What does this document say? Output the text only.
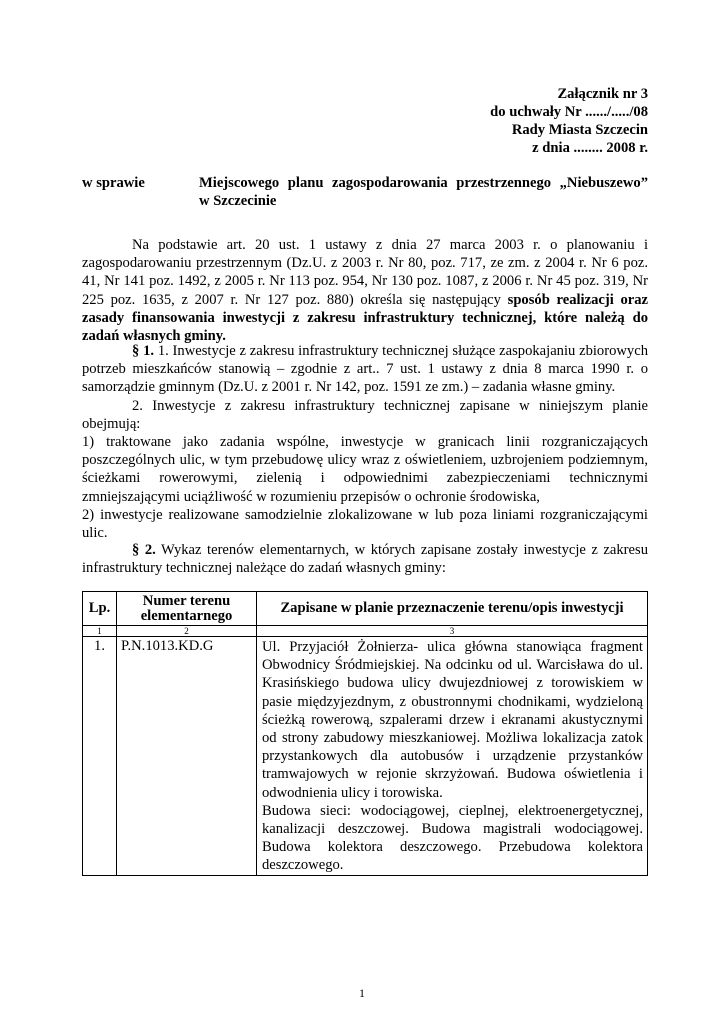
Załącznik nr 3
do uchwały Nr ....../...../08
Rady Miasta Szczecin
z dnia ........ 2008 r.
w sprawie	Miejscowego planu zagospodarowania przestrzennego „Niebuszewo”
w Szczecinie

Na podstawie art. 20 ust. 1 ustawy z dnia 27 marca 2003 r. o planowaniu i zagospodarowaniu przestrzennym (Dz.U. z 2003 r. Nr 80, poz. 717, ze zm. z 2004 r. Nr 6 poz. 41, Nr 141 poz. 1492, z 2005 r. Nr 113 poz. 954, Nr 130 poz. 1087, z 2006 r. Nr 45 poz. 319, Nr 225 poz. 1635, z 2007 r. Nr 127 poz. 880) określa się następujący sposób realizacji oraz zasady finansowania inwestycji z zakresu infrastruktury technicznej, które należą do zadań własnych gminy.

§ 1. 1. Inwestycje z zakresu infrastruktury technicznej służące zaspokajaniu zbiorowych potrzeb mieszkańców stanowią – zgodnie z art.. 7 ust. 1 ustawy z dnia 8 marca 1990 r. o samorządzie gminnym (Dz.U. z 2001 r. Nr 142, poz. 1591 ze zm.) – zadania własne gminy.

2. Inwestycje z zakresu infrastruktury technicznej zapisane w niniejszym planie obejmują:

1) traktowane jako zadania wspólne, inwestycje w granicach linii rozgraniczających poszczególnych ulic, w tym przebudowę ulicy wraz z oświetleniem, uzbrojeniem podziemnym, ścieżkami rowerowymi, zielenią i odpowiednimi zabezpieczeniami technicznymi zmniejszającymi uciążliwość w rozumieniu przepisów o ochronie środowiska,
2) inwestycje realizowane samodzielnie zlokalizowane w lub poza liniami rozgraniczającymi ulic.

§ 2. Wykaz terenów elementarnych, w których zapisane zostały inwestycje z zakresu infrastruktury technicznej należące do zadań własnych gminy:

Lp.	Numer terenu elementarnego	Zapisane w planie przeznaczenie terenu/opis inwestycji
1	2	3
1.	P.N.1013.KD.G	Ul. Przyjaciół Żołnierza- ulica główna stanowiąca fragment Obwodnicy Śródmiejskiej. Na odcinku od ul. Warcisława do ul. Krasińskiego budowa ulicy dwujezdniowej z torowiskiem w pasie międzyjezdnym, z obustronnymi chodnikami, wydzieloną ścieżką rowerową, szpalerami drzew i ekranami akustycznymi od strony zabudowy mieszkaniowej. Możliwa lokalizacja zatok przystankowych dla autobusów i urządzenie przystanków tramwajowych w rejonie skrzyżowań. Budowa oświetlenia i odwodnienia ulicy i torowiska.
Budowa sieci: wodociągowej, cieplnej, elektroenergetycznej, kanalizacji deszczowej. Budowa magistrali wodociągowej. Budowa kolektora deszczowego. Przebudowa kolektora deszczowego.
1
